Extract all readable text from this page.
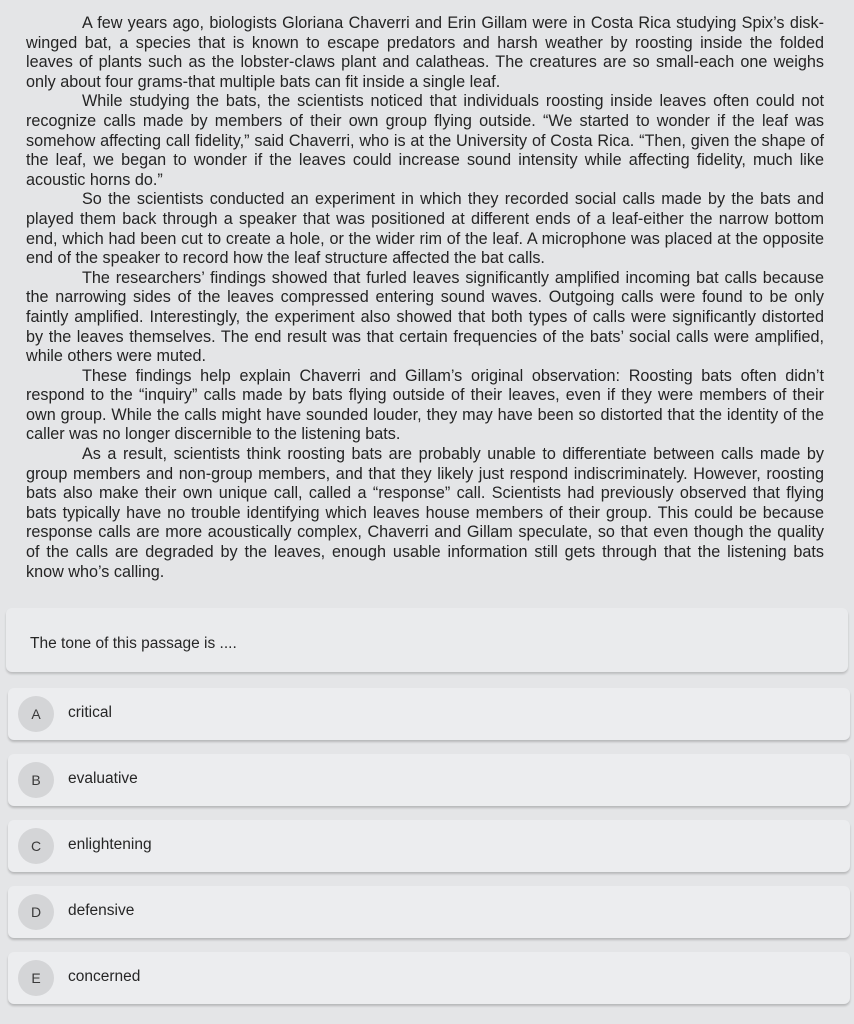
A few years ago, biologists Gloriana Chaverri and Erin Gillam were in Costa Rica studying Spix’s disk-winged bat, a species that is known to escape predators and harsh weather by roosting inside the folded leaves of plants such as the lobster-claws plant and calatheas. The creatures are so small-each one weighs only about four grams-that multiple bats can fit inside a single leaf.

While studying the bats, the scientists noticed that individuals roosting inside leaves often could not recognize calls made by members of their own group flying outside. “We started to wonder if the leaf was somehow affecting call fidelity,” said Chaverri, who is at the University of Costa Rica. “Then, given the shape of the leaf, we began to wonder if the leaves could increase sound intensity while affecting fidelity, much like acoustic horns do.”

So the scientists conducted an experiment in which they recorded social calls made by the bats and played them back through a speaker that was positioned at different ends of a leaf-either the narrow bottom end, which had been cut to create a hole, or the wider rim of the leaf. A microphone was placed at the opposite end of the speaker to record how the leaf structure affected the bat calls.

The researchers’ findings showed that furled leaves significantly amplified incoming bat calls because the narrowing sides of the leaves compressed entering sound waves. Outgoing calls were found to be only faintly amplified. Interestingly, the experiment also showed that both types of calls were significantly distorted by the leaves themselves. The end result was that certain frequencies of the bats’ social calls were amplified, while others were muted.

These findings help explain Chaverri and Gillam’s original observation: Roosting bats often didn’t respond to the “inquiry” calls made by bats flying outside of their leaves, even if they were members of their own group. While the calls might have sounded louder, they may have been so distorted that the identity of the caller was no longer discernible to the listening bats.

As a result, scientists think roosting bats are probably unable to differentiate between calls made by group members and non-group members, and that they likely just respond indiscriminately. However, roosting bats also make their own unique call, called a “response” call. Scientists had previously observed that flying bats typically have no trouble identifying which leaves house members of their group. This could be because response calls are more acoustically complex, Chaverri and Gillam speculate, so that even though the quality of the calls are degraded by the leaves, enough usable information still gets through that the listening bats know who’s calling.

The tone of this passage is ....
A	critical
B	evaluative
C	enlightening
D	defensive
E	concerned
